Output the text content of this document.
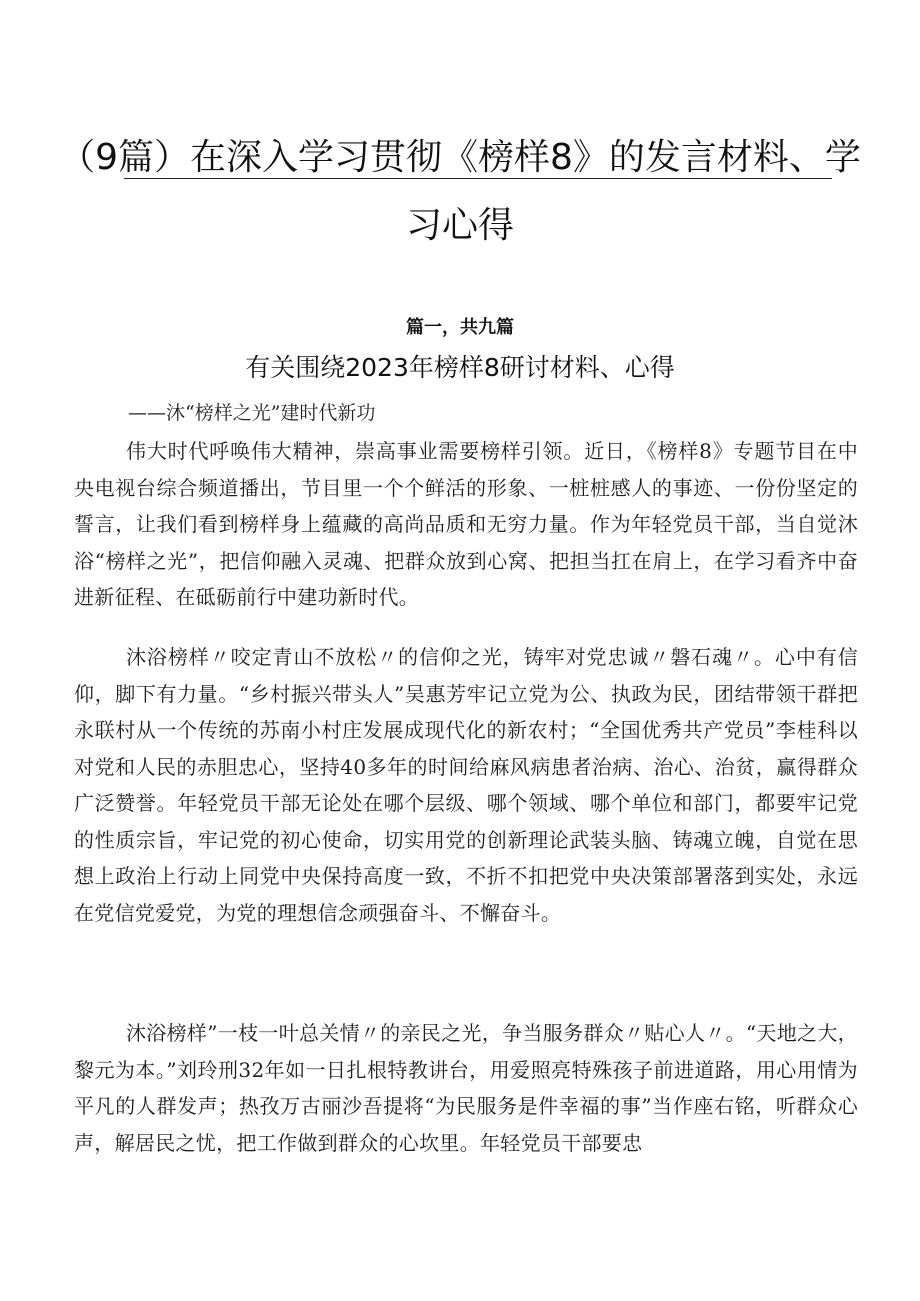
（9篇）在深入学习贯彻《榜样8》的发言材料、学
习心得
篇一，共九篇
有关围绕2023年榜样8研讨材料、心得
——沐“榜样之光”建时代新功

伟大时代呼唤伟大精神，崇高事业需要榜样引领。近日，《榜样8》专题节目在中央电视台综合频道播出，节目里一个个鲜活的形象、一桩桩感人的事迹、一份份坚定的誓言，让我们看到榜样身上蕴藏的高尚品质和无穷力量。作为年轻党员干部，当自觉沐浴“榜样之光”，把信仰融入灵魂、把群众放到心窝、把担当扛在肩上，在学习看齐中奋进新征程、在砥砺前行中建功新时代。

沐浴榜样〃咬定青山不放松〃的信仰之光，铸牢对党忠诚〃磐石魂〃。心中有信仰，脚下有力量。“乡村振兴带头人”吴惠芳牢记立党为公、执政为民，团结带领干群把永联村从一个传统的苏南小村庄发展成现代化的新农村；“全国优秀共产党员”李桂科以对党和人民的赤胆忠心，坚持40多年的时间给麻风病患者治病、治心、治贫，赢得群众广泛赞誉。年轻党员干部无论处在哪个层级、哪个领域、哪个单位和部门，都要牢记党的性质宗旨，牢记党的初心使命，切实用党的创新理论武装头脑、铸魂立魄，自觉在思想上政治上行动上同党中央保持高度一致，不折不扣把党中央决策部署落到实处，永远在党信党爱党，为党的理想信念顽强奋斗、不懈奋斗。

沐浴榜样”一枝一叶总关情〃的亲民之光，争当服务群众〃贴心人〃。“天地之大，黎元为本。”刘玲刑32年如一日扎根特教讲台，用爱照亮特殊孩子前进道路，用心用情为平凡的人群发声；热孜万古丽沙吾提将“为民服务是件幸福的事”当作座右铭，听群众心声，解居民之忧，把工作做到群众的心坎里。年轻党员干部要忠
